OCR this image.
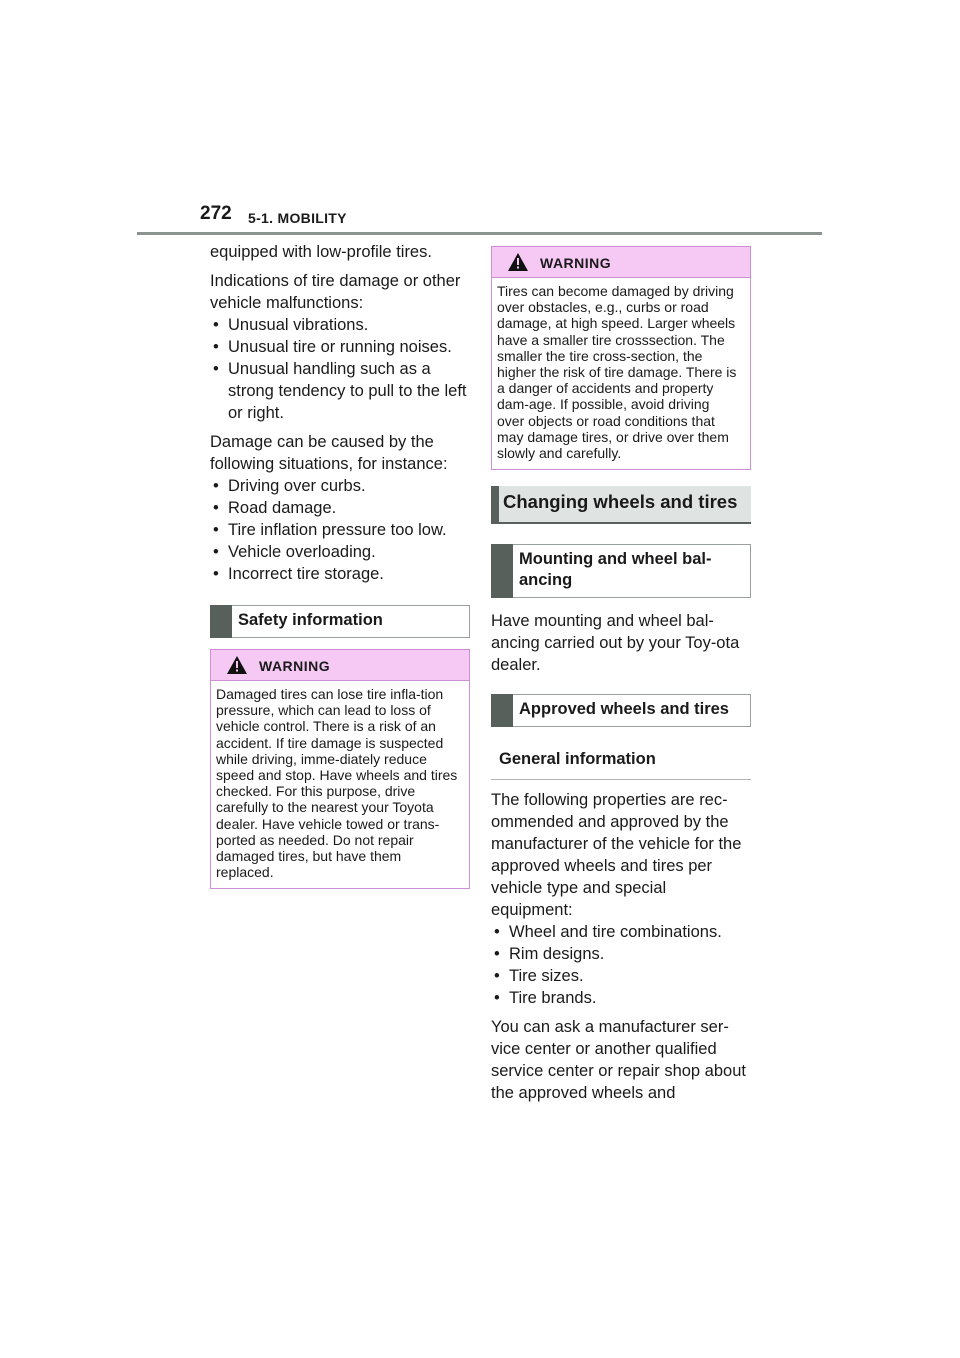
272 5-1. MOBILITY

equipped with low-profile tires.

Indications of tire damage or other vehicle malfunctions:

• Unusual vibrations.
• Unusual tire or running noises.
• Unusual handling such as a strong tendency to pull to the left or right.

Damage can be caused by the following situations, for instance:

• Driving over curbs.
• Road damage.
• Tire inflation pressure too low.
• Vehicle overloading.
• Incorrect tire storage.
Safety information
WARNING
Damaged tires can lose tire infla-tion pressure, which can lead to loss of vehicle control. There is a risk of an accident. If tire damage is suspected while driving, imme-diately reduce speed and stop. Have wheels and tires checked. For this purpose, drive carefully to the nearest your Toyota dealer. Have vehicle towed or trans-ported as needed. Do not repair damaged tires, but have them replaced.
WARNING
Tires can become damaged by driving over obstacles, e.g., curbs or road damage, at high speed. Larger wheels have a smaller tire crosssection. The smaller the tire cross-section, the higher the risk of tire damage. There is a danger of accidents and property dam-age. If possible, avoid driving over objects or road conditions that may damage tires, or drive over them slowly and carefully.
Changing wheels and tires
Mounting and wheel bal-ancing

Have mounting and wheel bal-ancing carried out by your Toy-ota dealer.

Approved wheels and tires
General information

The following properties are rec-ommended and approved by the manufacturer of the vehicle for the approved wheels and tires per vehicle type and special equipment:

• Wheel and tire combinations.
• Rim designs.
• Tire sizes.
• Tire brands.

You can ask a manufacturer ser-vice center or another qualified service center or repair shop about the approved wheels and
